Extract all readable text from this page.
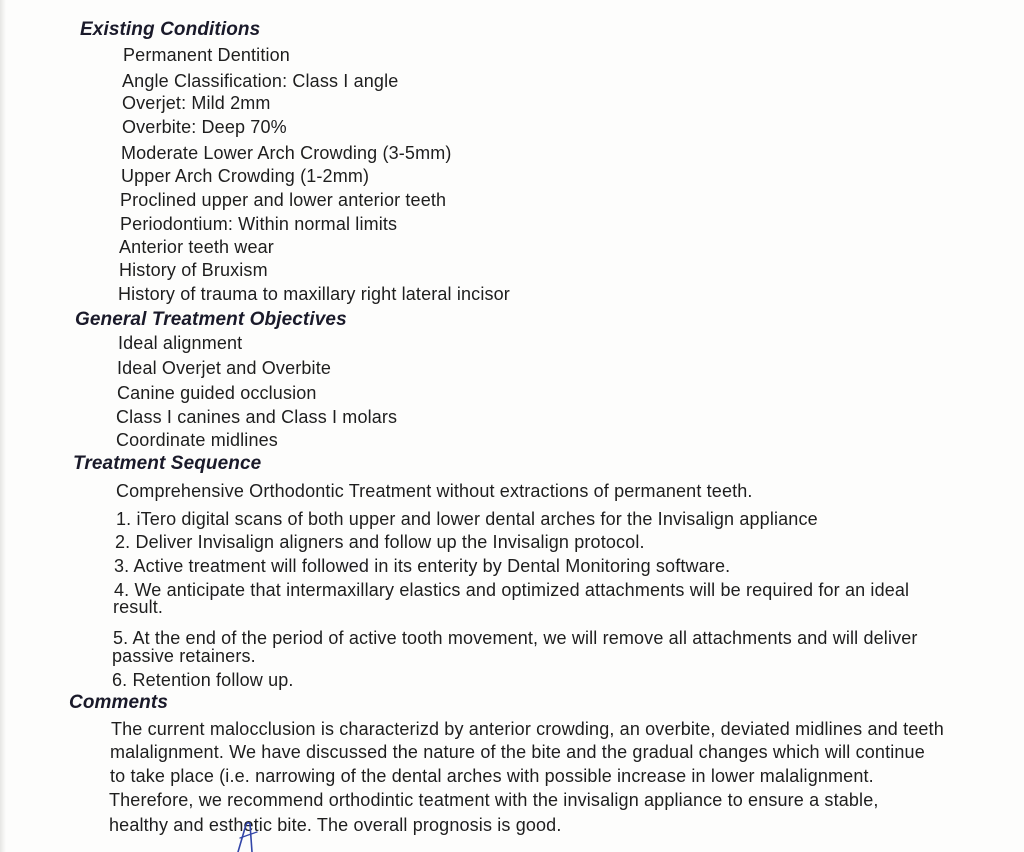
Existing Conditions
Permanent Dentition
Angle Classification: Class I angle
Overjet: Mild 2mm
Overbite: Deep 70%
Moderate Lower Arch Crowding (3-5mm)
Upper Arch Crowding (1-2mm)
Proclined upper and lower anterior teeth
Periodontium: Within normal limits
Anterior teeth wear
History of Bruxism
History of trauma to maxillary right lateral incisor
General Treatment Objectives
Ideal alignment
Ideal Overjet and Overbite
Canine guided occlusion
Class I canines and Class I molars
Coordinate midlines
Treatment Sequence
Comprehensive Orthodontic Treatment without extractions of permanent teeth.
1. iTero digital scans of both upper and lower dental arches for the Invisalign appliance
2. Deliver Invisalign aligners and follow up the Invisalign protocol.
3. Active treatment will followed in its enterity by Dental Monitoring software.
4. We anticipate that intermaxillary elastics and optimized attachments will be required for an ideal
result.
5. At the end of the period of active tooth movement, we will remove all attachments and will deliver
passive retainers.
6. Retention follow up.
Comments
The current malocclusion is characterizd by anterior crowding, an overbite, deviated midlines and teeth
malalignment. We have discussed the nature of the bite and the gradual changes which will continue
to take place (i.e. narrowing of the dental arches with possible increase in lower malalignment.
Therefore, we recommend orthodintic teatment with the invisalign appliance to ensure a stable,
healthy and esthetic bite. The overall prognosis is good.
